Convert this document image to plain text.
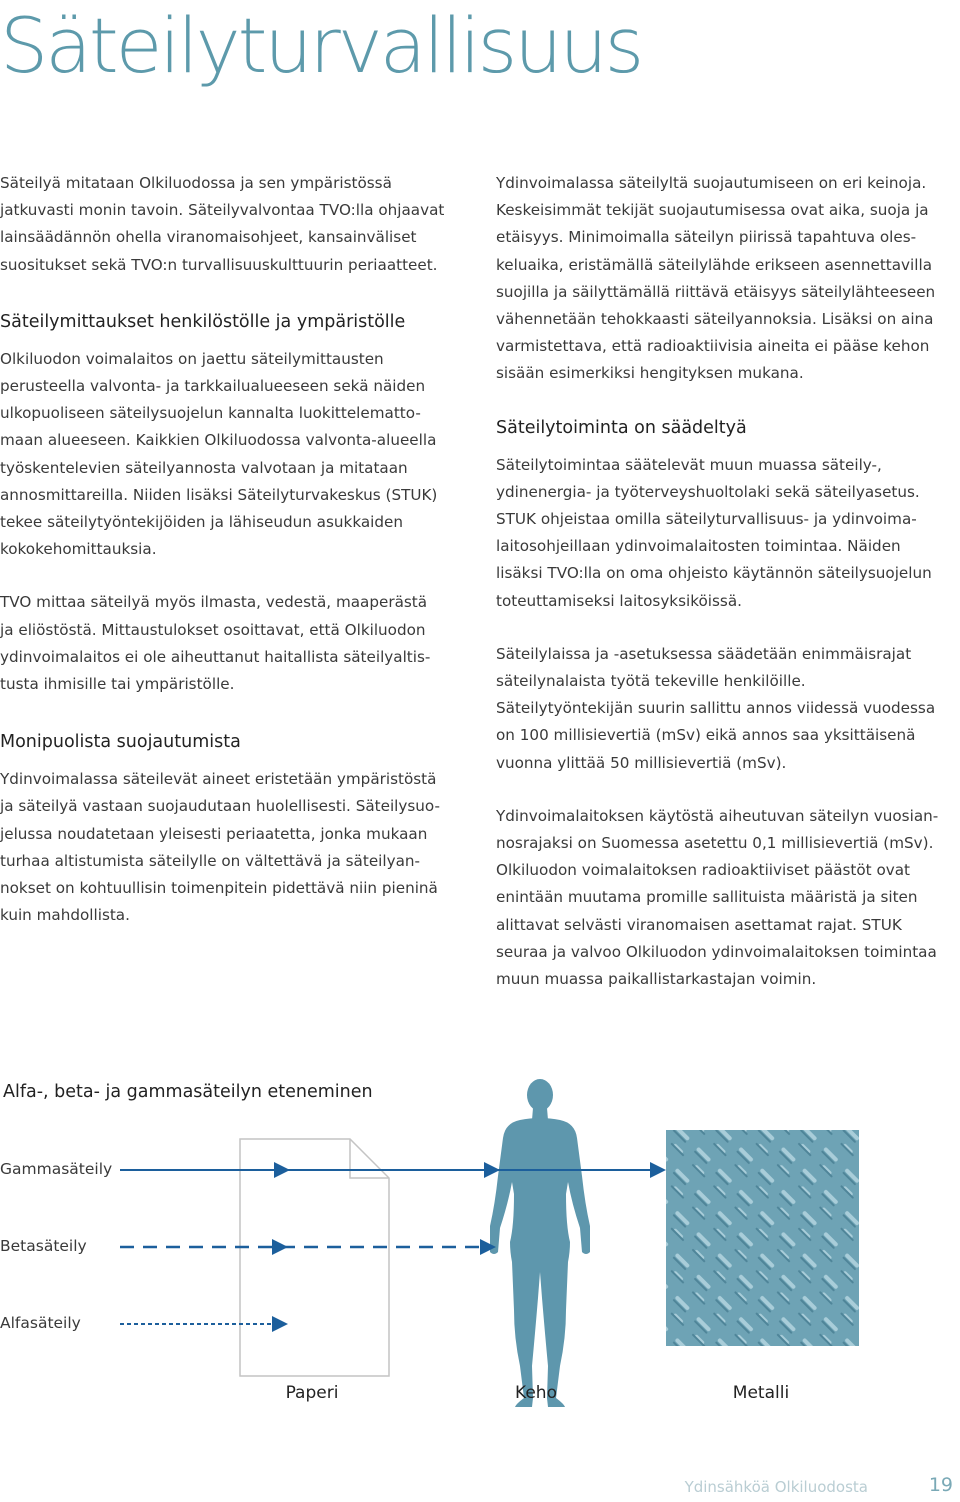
Säteilyturvallisuus

Säteilyä mitataan Olkiluodossa ja sen ympäristössä jatkuvasti monin tavoin. Säteilyvalvontaa TVO:lla ohjaavat lainsäädännön ohella viranomaisohjeet, kansainväliset suositukset sekä TVO:n turvallisuuskulttuurin periaatteet.

Säteilymittaukset henkilöstölle ja ympäristölle

Olkiluodon voimalaitos on jaettu säteilymittausten perusteella valvonta- ja tarkkailualueeseen sekä näiden ulkopuoliseen säteilysuojelun kannalta luokittelematto-maan alueeseen. Kaikkien Olkiluodossa valvonta-alueella työskentelevien säteilyannosta valvotaan ja mitataan annosmittareilla. Niiden lisäksi Säteilyturvakeskus (STUK) tekee säteilytyöntekijöiden ja lähiseudun asukkaiden kokokehomittauksia.

TVO mittaa säteilyä myös ilmasta, vedestä, maaperästä ja eliöstöstä. Mittaustulokset osoittavat, että Olkiluodon ydinvoimalaitos ei ole aiheuttanut haitallista säteilyaltis-tusta ihmisille tai ympäristölle.

Monipuolista suojautumista

Ydinvoimalassa säteilevät aineet eristetään ympäristöstä ja säteilyä vastaan suojaudutaan huolellisesti. Säteilysuo-jelussa noudatetaan yleisesti periaatetta, jonka mukaan turhaa altistumista säteilylle on vältettävä ja säteilyan-nokset on kohtuullisin toimenpitein pidettävä niin pieninä kuin mahdollista.

Ydinvoimalassa säteilyltä suojautumiseen on eri keinoja. Keskeisimmät tekijät suojautumisessa ovat aika, suoja ja etäisyys. Minimoimalla säteilyn piirissä tapahtuva oles-keluaika, eristämällä säteilylähde erikseen asennettavilla suojilla ja säilyttämällä riittävä etäisyys säteilylähteeseen vähennetään tehokkaasti säteilyannoksia. Lisäksi on aina varmistettava, että radioaktiivisia aineita ei pääse kehon sisään esimerkiksi hengityksen mukana.

Säteilytoiminta on säädeltyä

Säteilytoimintaa säätelevät muun muassa säteily-, ydinenergia- ja työterveyshuoltolaki sekä säteilyasetus. STUK ohjeistaa omilla säteilyturvallisuus- ja ydinvoima-laitosohjeillaan ydinvoimalaitosten toimintaa. Näiden lisäksi TVO:lla on oma ohjeisto käytännön säteilysuojelun toteuttamiseksi laitosyksiköissä.

Säteilylaissa ja -asetuksessa säädetään enimmäisrajat säteilynalaista työtä tekeville henkilöille. Säteilytyöntekijän suurin sallittu annos viidessä vuodessa on 100 millisievertiä (mSv) eikä annos saa yksittäisenä vuonna ylittää 50 millisievertiä (mSv).

Ydinvoimalaitoksen käytöstä aiheutuvan säteilyn vuosian-nosrajaksi on Suomessa asetettu 0,1 millisievertiä (mSv). Olkiluodon voimalaitoksen radioaktiiviset päästöt ovat enintään muutama promille sallituista määristä ja siten alittavat selvästi viranomaisen asettamat rajat. STUK seuraa ja valvoo Olkiluodon ydinvoimalaitoksen toimintaa muun muassa paikallistarkastajan voimin.

Alfa-, beta- ja gammasäteilyn eteneminen
Gammasäteily
Betasäteily
Alfasäteily
Paperi	Keho	Metalli
Ydinsähköä Olkiluodosta	19
